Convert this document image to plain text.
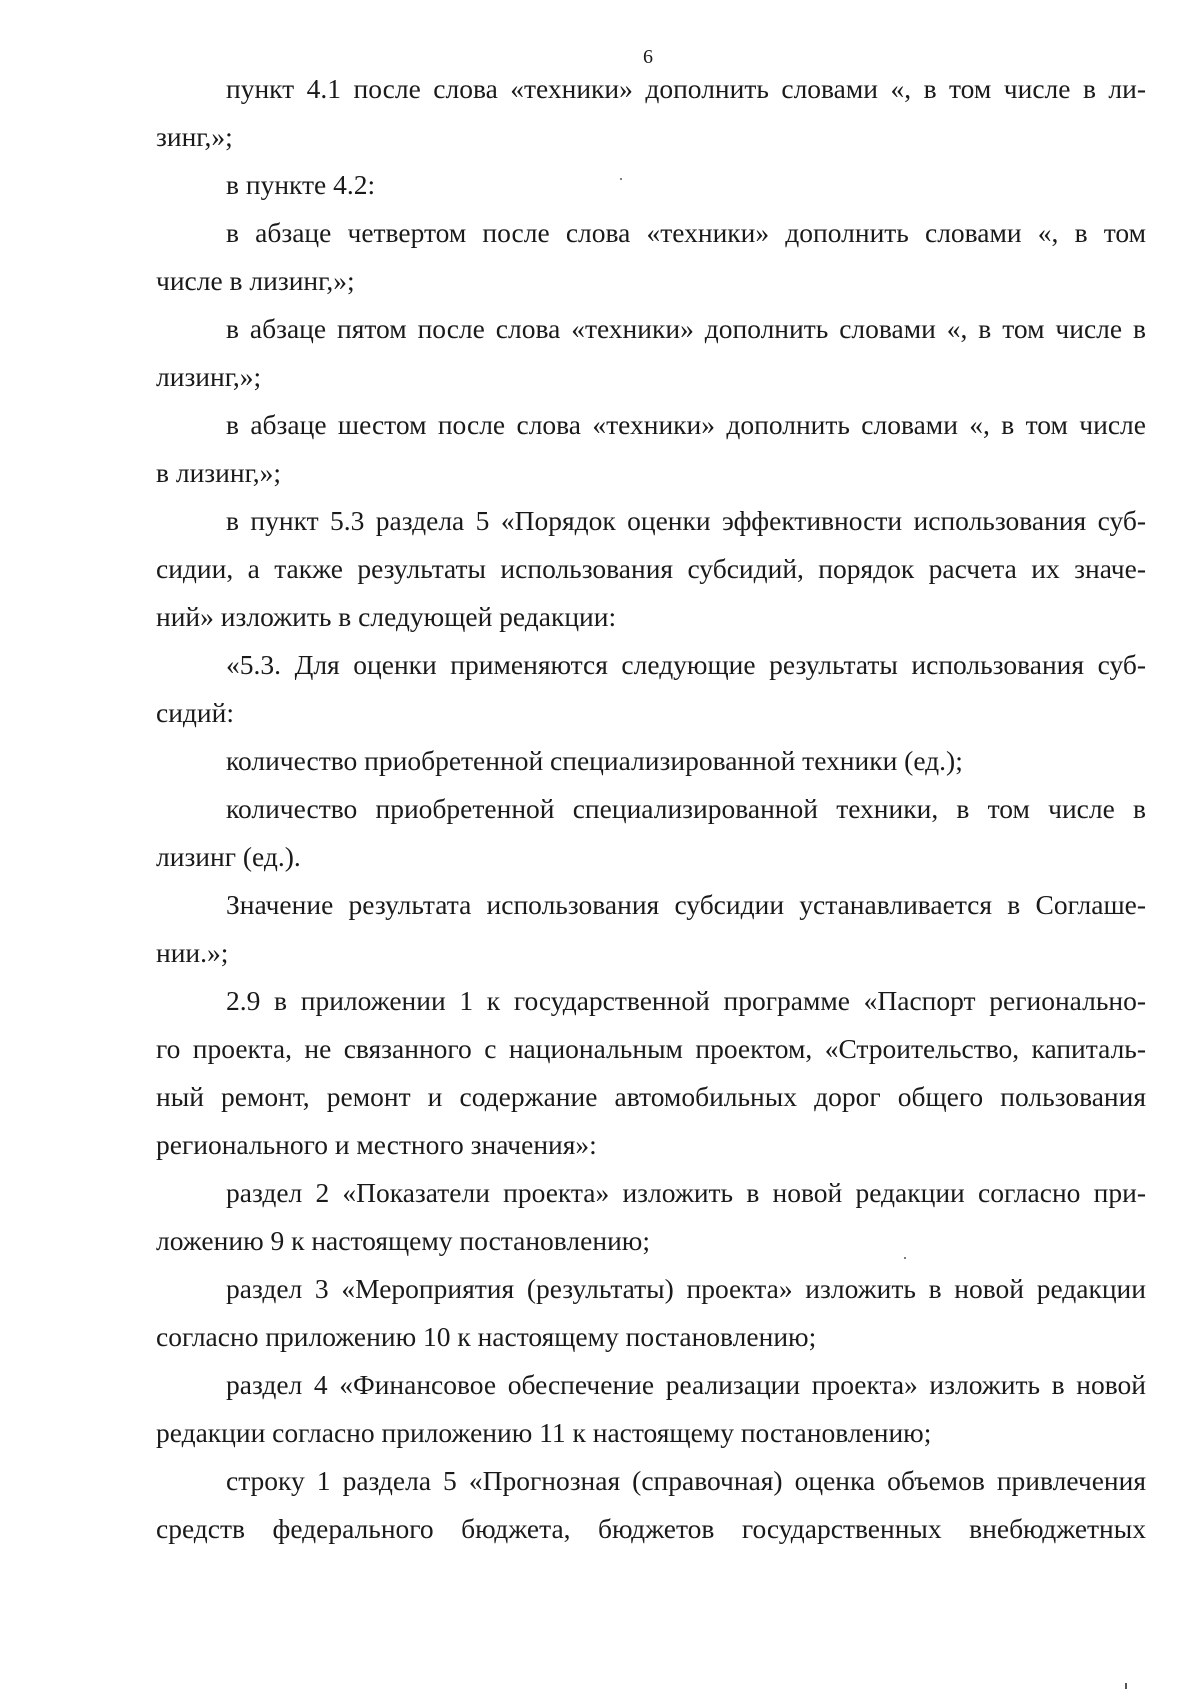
6
пункт 4.1 после слова «техники» дополнить словами «, в том числе в ли-
зинг,»;
в пункте 4.2:
в абзаце четвертом после слова «техники» дополнить словами «, в том
числе в лизинг,»;
в абзаце пятом после слова «техники» дополнить словами «, в том числе в
лизинг,»;
в абзаце шестом после слова «техники» дополнить словами «, в том числе
в лизинг,»;
в пункт 5.3 раздела 5 «Порядок оценки эффективности использования суб-
сидии, а также результаты использования субсидий, порядок расчета их значе-
ний» изложить в следующей редакции:
«5.3. Для оценки применяются следующие результаты использования суб-
сидий:
количество приобретенной специализированной техники (ед.);
количество приобретенной специализированной техники, в том числе в
лизинг (ед.).
Значение результата использования субсидии устанавливается в Соглаше-
нии.»;
2.9 в приложении 1 к государственной программе «Паспорт регионально-
го проекта, не связанного с национальным проектом, «Строительство, капиталь-
ный ремонт, ремонт и содержание автомобильных дорог общего пользования
регионального и местного значения»:
раздел 2 «Показатели проекта» изложить в новой редакции согласно при-
ложению 9 к настоящему постановлению;
раздел 3 «Мероприятия (результаты) проекта» изложить в новой редакции
согласно приложению 10 к настоящему постановлению;
раздел 4 «Финансовое обеспечение реализации проекта» изложить в новой
редакции согласно приложению 11 к настоящему постановлению;
строку 1 раздела 5 «Прогнозная (справочная) оценка объемов привлечения
средств федерального бюджета, бюджетов государственных внебюджетных
